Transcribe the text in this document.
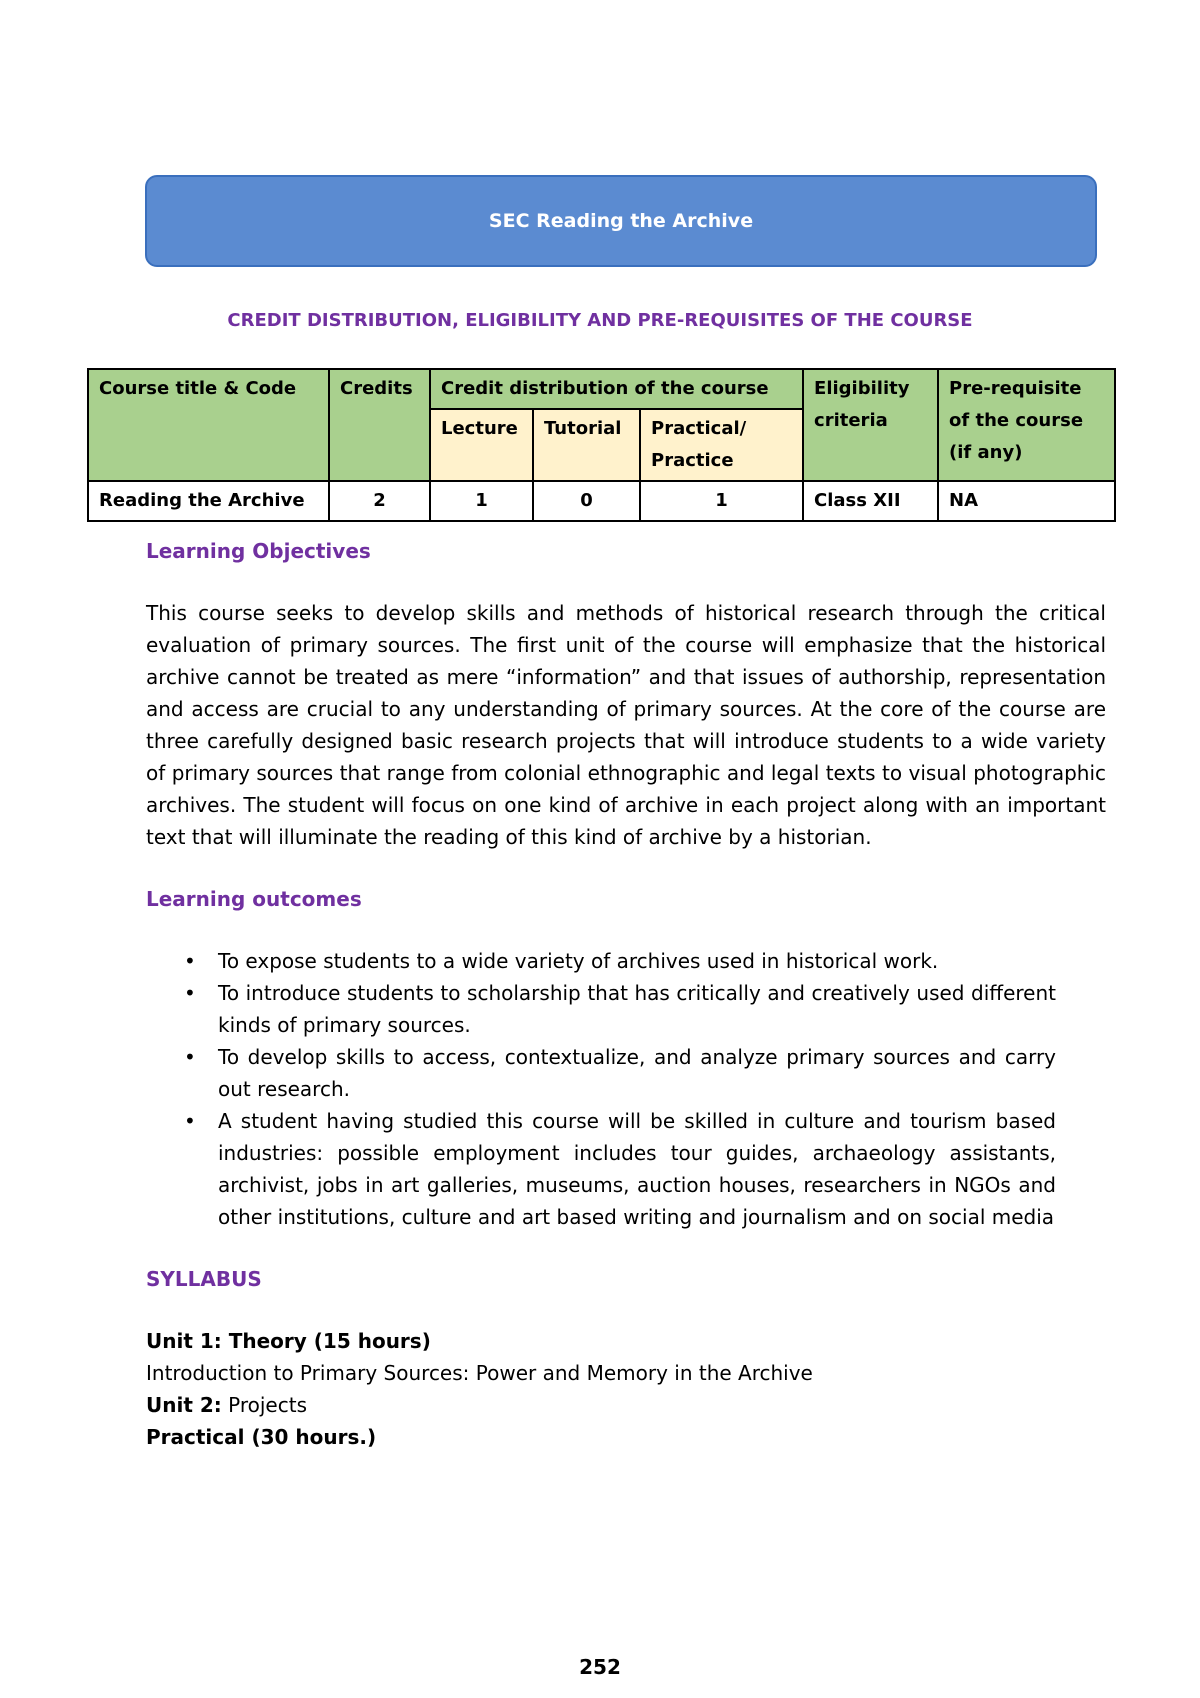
SEC Reading the Archive
CREDIT DISTRIBUTION, ELIGIBILITY AND PRE-REQUISITES OF THE COURSE
Course title & Code	Credits	Credit distribution of the course			Eligibility criteria	Pre-requisite of the course (if any)
		Lecture	Tutorial	Practical/ Practice		
Reading the Archive	2	1	0	1	Class XII	NA
Learning Objectives
This course seeks to develop skills and methods of historical research through the critical evaluation of primary sources. The first unit of the course will emphasize that the historical archive cannot be treated as mere “information” and that issues of authorship, representation and access are crucial to any understanding of primary sources. At the core of the course are three carefully designed basic research projects that will introduce students to a wide variety of primary sources that range from colonial ethnographic and legal texts to visual photographic archives. The student will focus on one kind of archive in each project along with an important text that will illuminate the reading of this kind of archive by a historian.
Learning outcomes
• To expose students to a wide variety of archives used in historical work.
• To introduce students to scholarship that has critically and creatively used different kinds of primary sources.
• To develop skills to access, contextualize, and analyze primary sources and carry out research.
• A student having studied this course will be skilled in culture and tourism based industries: possible employment includes tour guides, archaeology assistants, archivist, jobs in art galleries, museums, auction houses, researchers in NGOs and other institutions, culture and art based writing and journalism and on social media
SYLLABUS
Unit 1: Theory (15 hours)
Introduction to Primary Sources: Power and Memory in the Archive
Unit 2: Projects
Practical (30 hours.)
252
